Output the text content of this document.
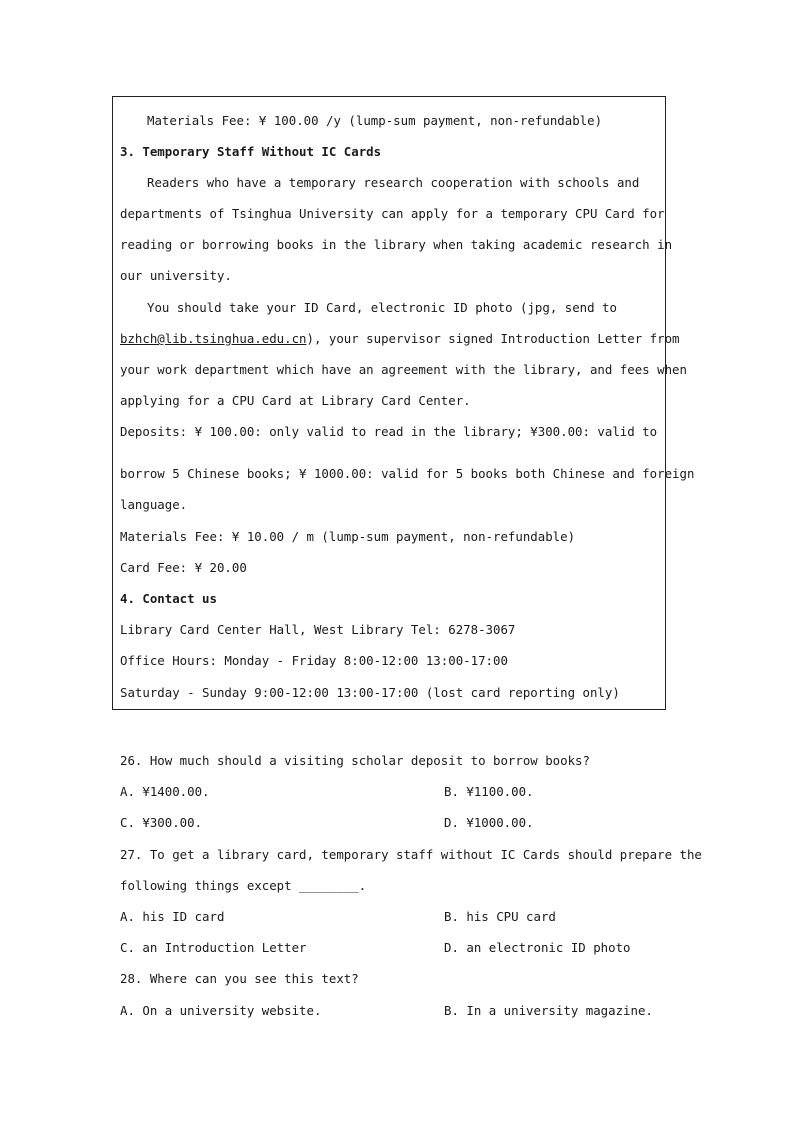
Materials Fee: ¥ 100.00 /y (lump-sum payment, non-refundable)
3. Temporary Staff Without IC Cards
Readers who have a temporary research cooperation with schools and
departments of Tsinghua University can apply for a temporary CPU Card for
reading or borrowing books in the library when taking academic research in
our university.
You should take your ID Card, electronic ID photo (jpg, send to
bzhch@lib.tsinghua.edu.cn), your supervisor signed Introduction Letter from
your work department which have an agreement with the library, and fees when
applying for a CPU Card at Library Card Center.
Deposits: ¥ 100.00: only valid to read in the library; ¥300.00: valid to
borrow 5 Chinese books; ¥ 1000.00: valid for 5 books both Chinese and foreign
language.
Materials Fee: ¥ 10.00 / m (lump-sum payment, non-refundable)
Card Fee: ¥ 20.00
4. Contact us
Library Card Center Hall, West Library Tel: 6278-3067
Office Hours: Monday - Friday 8:00-12:00 13:00-17:00
Saturday - Sunday 9:00-12:00 13:00-17:00 (lost card reporting only)
26. How much should a visiting scholar deposit to borrow books?
A. ¥1400.00.	B. ¥1100.00.
C. ¥300.00.	D. ¥1000.00.
27. To get a library card, temporary staff without IC Cards should prepare the
following things except ________.
A. his ID card	B. his CPU card
C. an Introduction Letter	D. an electronic ID photo
28. Where can you see this text?
A. On a university website.	B. In a university magazine.
